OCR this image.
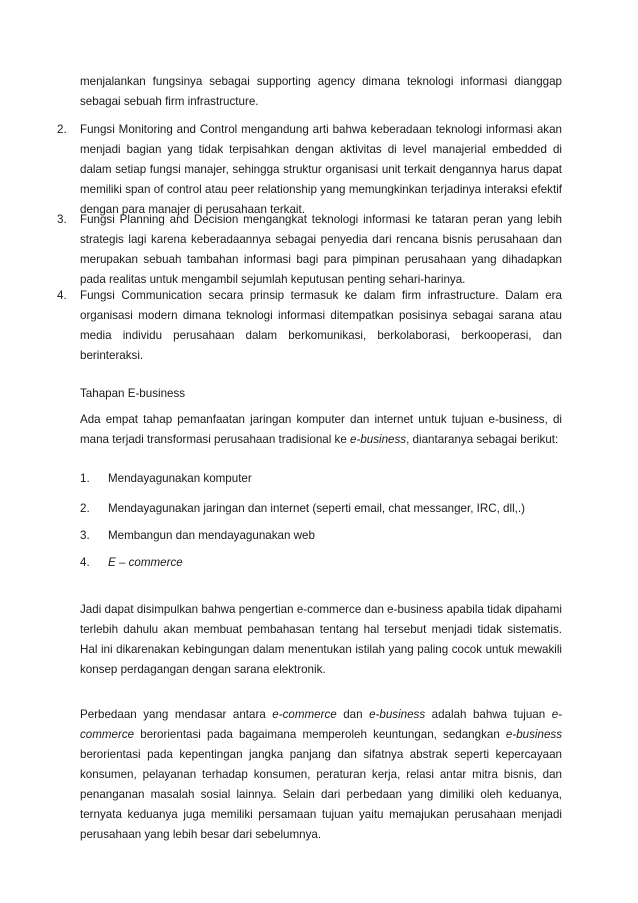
menjalankan fungsinya sebagai supporting agency dimana teknologi informasi dianggap sebagai sebuah firm infrastructure.

2. Fungsi Monitoring and Control mengandung arti bahwa keberadaan teknologi informasi akan menjadi bagian yang tidak terpisahkan dengan aktivitas di level manajerial embedded di dalam setiap fungsi manajer, sehingga struktur organisasi unit terkait dengannya harus dapat memiliki span of control atau peer relationship yang memungkinkan terjadinya interaksi efektif dengan para manajer di perusahaan terkait.

3. Fungsi Planning and Decision mengangkat teknologi informasi ke tataran peran yang lebih strategis lagi karena keberadaannya sebagai penyedia dari rencana bisnis perusahaan dan merupakan sebuah tambahan informasi bagi para pimpinan perusahaan yang dihadapkan pada realitas untuk mengambil sejumlah keputusan penting sehari-harinya.

4. Fungsi Communication secara prinsip termasuk ke dalam firm infrastructure. Dalam era organisasi modern dimana teknologi informasi ditempatkan posisinya sebagai sarana atau media individu perusahaan dalam berkomunikasi, berkolaborasi, berkooperasi, dan berinteraksi.

Tahapan E-business

Ada empat tahap pemanfaatan jaringan komputer dan internet untuk tujuan e-business, di mana terjadi transformasi perusahaan tradisional ke e-business, diantaranya sebagai berikut:

1. Mendayagunakan komputer
2. Mendayagunakan jaringan dan internet (seperti email, chat messanger, IRC, dll,.)
3. Membangun dan mendayagunakan web
4. E – commerce

Jadi dapat disimpulkan bahwa pengertian e-commerce dan e-business apabila tidak dipahami terlebih dahulu akan membuat pembahasan tentang hal tersebut menjadi tidak sistematis. Hal ini dikarenakan kebingungan dalam menentukan istilah yang paling cocok untuk mewakili konsep perdagangan dengan sarana elektronik.

Perbedaan yang mendasar antara e-commerce dan e-business adalah bahwa tujuan e-commerce berorientasi pada bagaimana memperoleh keuntungan, sedangkan e-business berorientasi pada kepentingan jangka panjang dan sifatnya abstrak seperti kepercayaan konsumen, pelayanan terhadap konsumen, peraturan kerja, relasi antar mitra bisnis, dan penanganan masalah sosial lainnya. Selain dari perbedaan yang dimiliki oleh keduanya, ternyata keduanya juga memiliki persamaan tujuan yaitu memajukan perusahaan menjadi perusahaan yang lebih besar dari sebelumnya.
